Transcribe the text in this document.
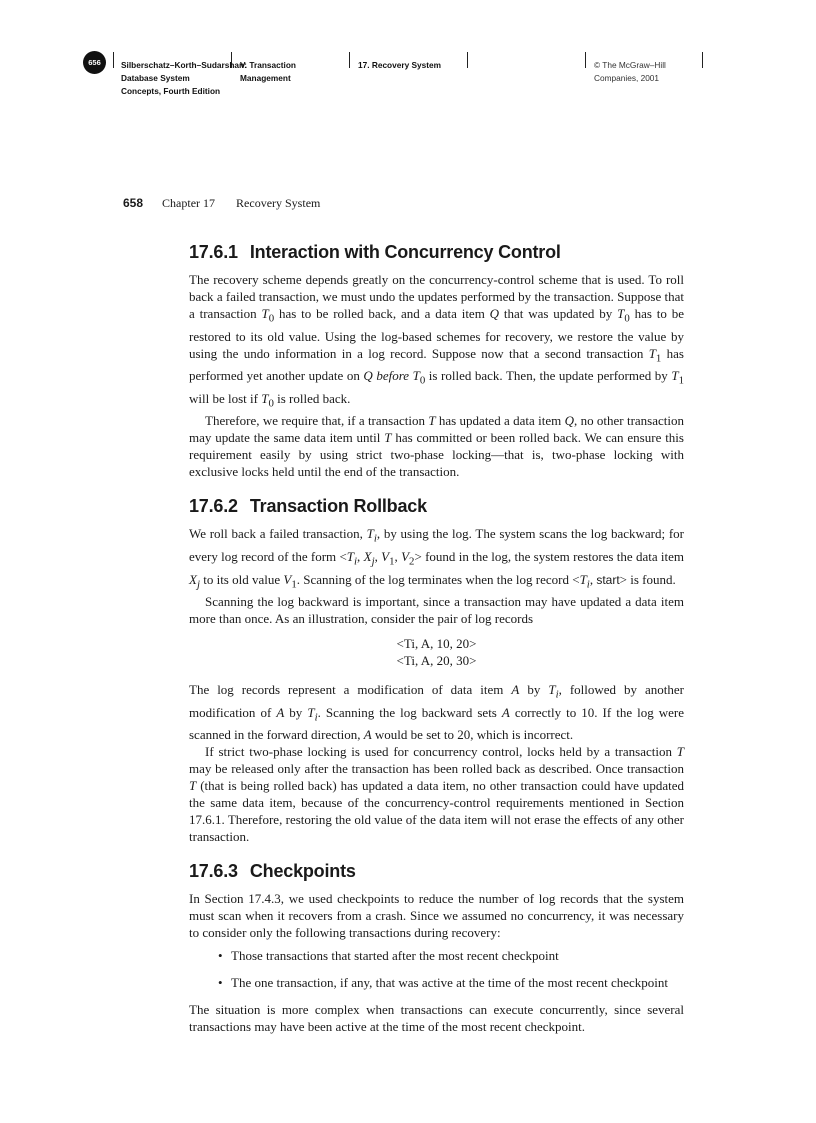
656	Silberschatz–Korth–Sudarshan:
Database System
Concepts, Fourth Edition
V. Transaction
Management
17. Recovery System	© The McGraw–Hill
Companies, 2001
658 Chapter 17 Recovery System
17.6.1 Interaction with Concurrency Control

The recovery scheme depends greatly on the concurrency-control scheme that is used. To roll back a failed transaction, we must undo the updates performed by the transaction. Suppose that a transaction $T_0$ has to be rolled back, and a data item Q that was updated by $T_0$ has to be restored to its old value. Using the log-based schemes for recovery, we restore the value by using the undo information in a log record. Suppose now that a second transaction $T_1$ has performed yet another update on Q before $T_0$ is rolled back. Then, the update performed by $T_1$ will be lost if $T_0$ is rolled back.

Therefore, we require that, if a transaction T has updated a data item Q, no other transaction may update the same data item until T has committed or been rolled back. We can ensure this requirement easily by using strict two-phase locking—that is, two-phase locking with exclusive locks held until the end of the transaction.

17.6.2 Transaction Rollback

We roll back a failed transaction, $T_i$, by using the log. The system scans the log backward; for every log record of the form $<T_i$, $X_j$, $V_1$, $V_2>$ found in the log, the system restores the data item $X_j$ to its old value $V_1$. Scanning of the log terminates when the log record $<T_i$, start> is found.

Scanning the log backward is important, since a transaction may have updated a data item more than once. As an illustration, consider the pair of log records

<Ti, A, 10, 20>
<Ti, A, 20, 30>

The log records represent a modification of data item A by $T_i$, followed by another modification of A by $T_i$. Scanning the log backward sets A correctly to 10. If the log were scanned in the forward direction, A would be set to 20, which is incorrect.

If strict two-phase locking is used for concurrency control, locks held by a transaction T may be released only after the transaction has been rolled back as described. Once transaction T (that is being rolled back) has updated a data item, no other transaction could have updated the same data item, because of the concurrency-control requirements mentioned in Section 17.6.1. Therefore, restoring the old value of the data item will not erase the effects of any other transaction.

17.6.3 Checkpoints

In Section 17.4.3, we used checkpoints to reduce the number of log records that the system must scan when it recovers from a crash. Since we assumed no concurrency, it was necessary to consider only the following transactions during recovery:

• Those transactions that started after the most recent checkpoint
• The one transaction, if any, that was active at the time of the most recent checkpoint

The situation is more complex when transactions can execute concurrently, since several transactions may have been active at the time of the most recent checkpoint.
